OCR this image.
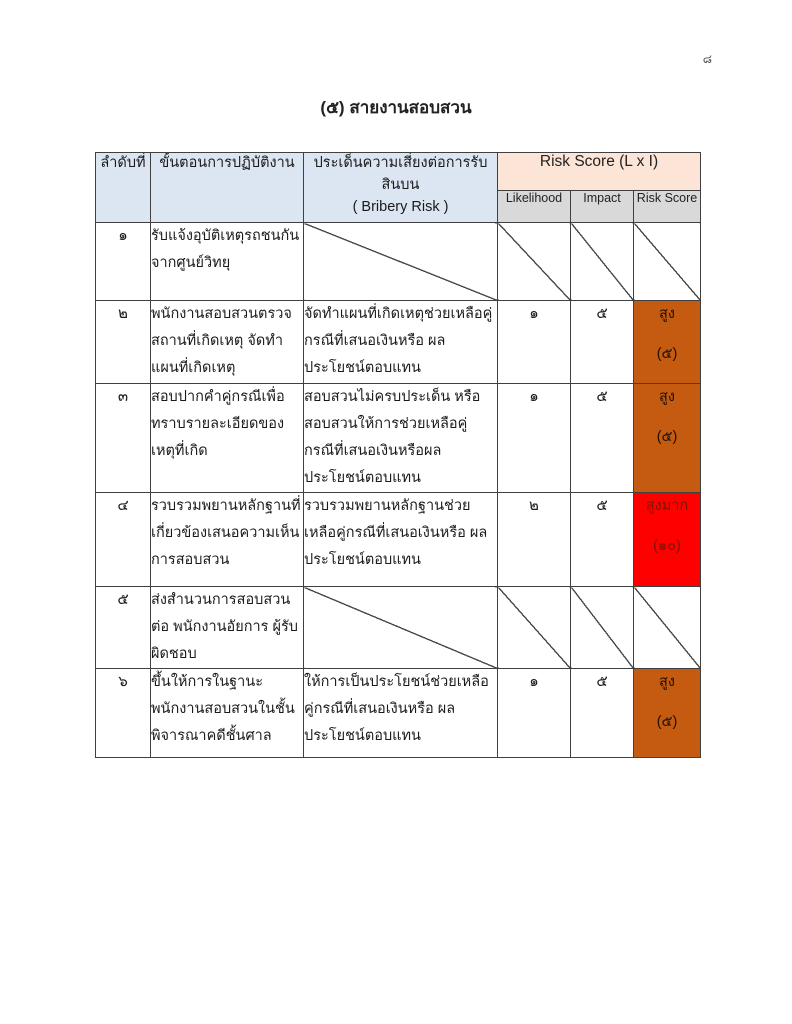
๘
(๕) สายงานสอบสวน
ลำดับที่	ขั้นตอนการปฏิบัติงาน	ประเด็นความเสี่ยงต่อการรับสินบน
( Bribery Risk )	Risk Score (L x I)		
			Likelihood	Impact	Risk Score
๑	รับแจ้งอุบัติเหตุรถชนกัน จากศูนย์วิทยุ				
๒	พนักงานสอบสวนตรวจสถานที่เกิดเหตุ จัดทำแผนที่เกิดเหตุ	จัดทำแผนที่เกิดเหตุช่วยเหลือคู่กรณีที่เสนอเงินหรือ ผลประโยชน์ตอบแทน	๑	๕	สูง
(๕)

๓	สอบปากคำคู่กรณีเพื่อทราบรายละเอียดของเหตุที่เกิด	สอบสวนไม่ครบประเด็น หรือสอบสวนให้การช่วยเหลือคู่กรณีที่เสนอเงินหรือผลประโยชน์ตอบแทน	๑	๕	สูง
(๕)

๔	รวบรวมพยานหลักฐานที่เกี่ยวข้องเสนอความเห็น การสอบสวน	รวบรวมพยานหลักฐานช่วยเหลือคู่กรณีที่เสนอเงินหรือ ผลประโยชน์ตอบแทน	๒	๕	สูงมาก
(๑๐)

๕	ส่งสำนวนการสอบสวนต่อ พนักงานอัยการ ผู้รับผิดชอบ				
๖	ขึ้นให้การในฐานะ พนักงานสอบสวนในชั้น พิจารณาคดีชั้นศาล	ให้การเป็นประโยชน์ช่วยเหลือคู่กรณีที่เสนอเงินหรือ ผลประโยชน์ตอบแทน	๑	๕	สูง
(๕)
